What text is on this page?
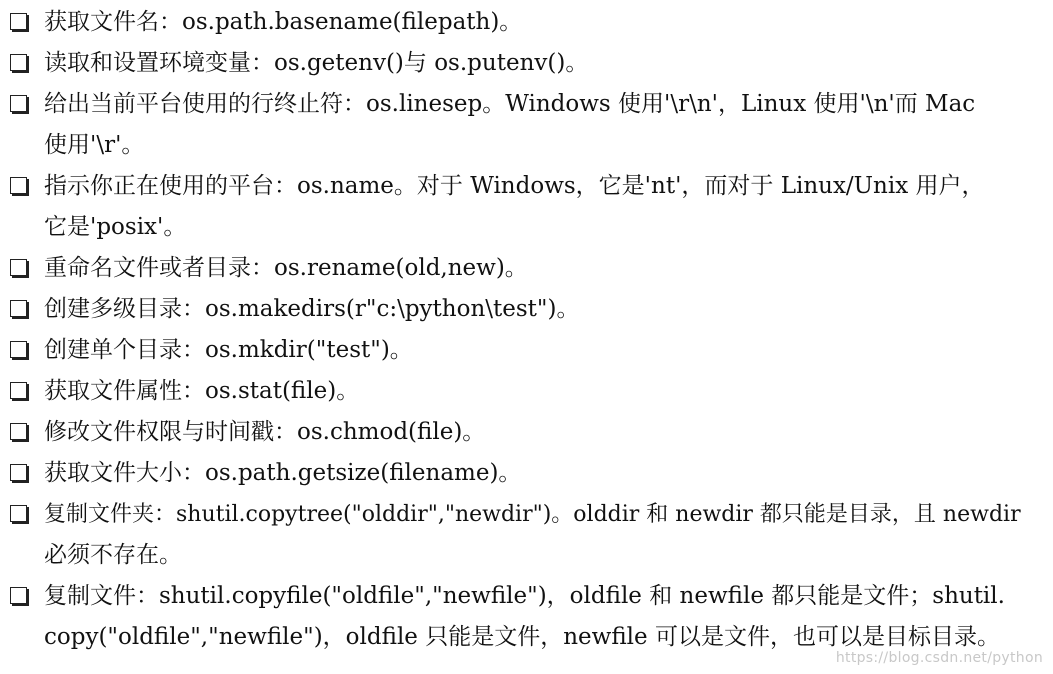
获取文件名：os.path.basename(filepath)。
读取和设置环境变量：os.getenv()与 os.putenv()。
给出当前平台使用的行终止符：os.linesep。Windows 使用'\r\n'，Linux 使用'\n'而 Mac
使用'\r'。
指示你正在使用的平台：os.name。对于 Windows，它是'nt'，而对于 Linux/Unix 用户，
它是'posix'。
重命名文件或者目录：os.rename(old,new)。
创建多级目录：os.makedirs(r"c:\python\test")。
创建单个目录：os.mkdir("test")。
获取文件属性：os.stat(file)。
修改文件权限与时间戳：os.chmod(file)。
获取文件大小：os.path.getsize(filename)。
复制文件夹：shutil.copytree("olddir","newdir")。olddir 和 newdir 都只能是目录，且 newdir
必须不存在。
复制文件：shutil.copyfile("oldfile","newfile")，oldfile 和 newfile 都只能是文件；shutil.
copy("oldfile","newfile")，oldfile 只能是文件，newfile 可以是文件，也可以是目标目录。
https://blog.csdn.net/python
